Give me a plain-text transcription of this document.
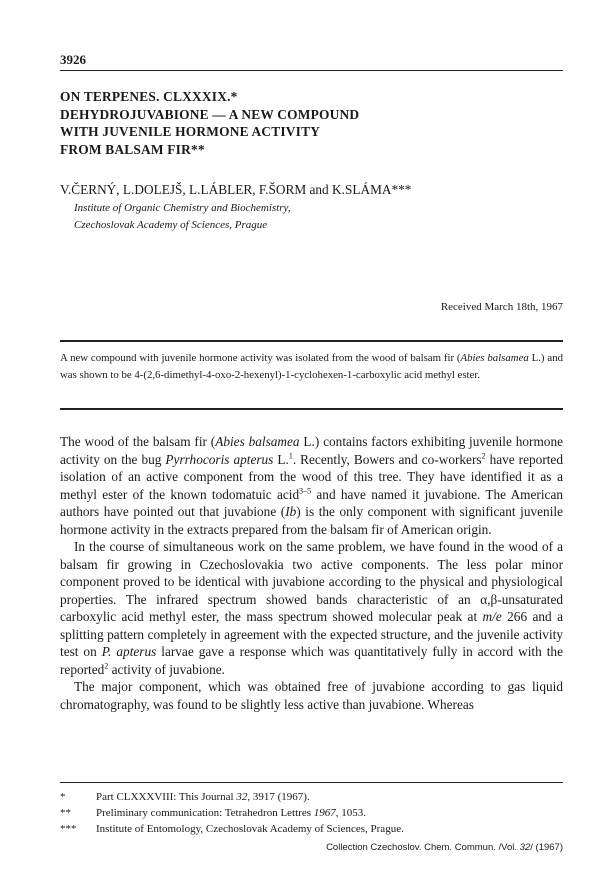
3926
ON TERPENES. CLXXXIX.*
DEHYDROJUVABIONE — A NEW COMPOUND
WITH JUVENILE HORMONE ACTIVITY
FROM BALSAM FIR**
V.ČERNÝ, L.DOLEJŠ, L.LÁBLER, F.ŠORM and K.SLÁMA***
Institute of Organic Chemistry and Biochemistry,
Czechoslovak Academy of Sciences, Prague
Received March 18th, 1967
A new compound with juvenile hormone activity was isolated from the wood of balsam fir (Abies balsamea L.) and was shown to be 4-(2,6-dimethyl-4-oxo-2-hexenyl)-1-cyclohexen-1-carboxylic acid methyl ester.

The wood of the balsam fir (Abies balsamea L.) contains factors exhibiting juvenile hormone activity on the bug Pyrrhocoris apterus L.$^1$. Recently, Bowers and co-workers$^2$ have reported isolation of an active component from the wood of this tree. They have identified it as a methyl ester of the known todomatuic acid$^{3-5}$ and have named it juvabione. The American authors have pointed out that juvabione (Ib) is the only component with significant juvenile hormone activity in the extracts prepared from the balsam fir of American origin.

In the course of simultaneous work on the same problem, we have found in the wood of a balsam fir growing in Czechoslovakia two active components. The less polar minor component proved to be identical with juvabione according to the physical and physiological properties. The infrared spectrum showed bands characteristic of an α,β-unsaturated carboxylic acid methyl ester, the mass spectrum showed molecular peak at m/e 266 and a splitting pattern completely in agreement with the expected structure, and the juvenile activity test on P. apterus larvae gave a response which was quantitatively fully in accord with the reported$^2$ activity of juvabione.

The major component, which was obtained free of juvabione according to gas liquid chromatography, was found to be slightly less active than juvabione. Whereas

*	Part CLXXXVIII: This Journal 32, 3917 (1967).
** Preliminary communication: Tetrahedron Lettres 1967, 1053.
*** Institute of Entomology, Czechoslovak Academy of Sciences, Prague.
Collection Czechoslov. Chem. Commun. /Vol. 32/ (1967)
